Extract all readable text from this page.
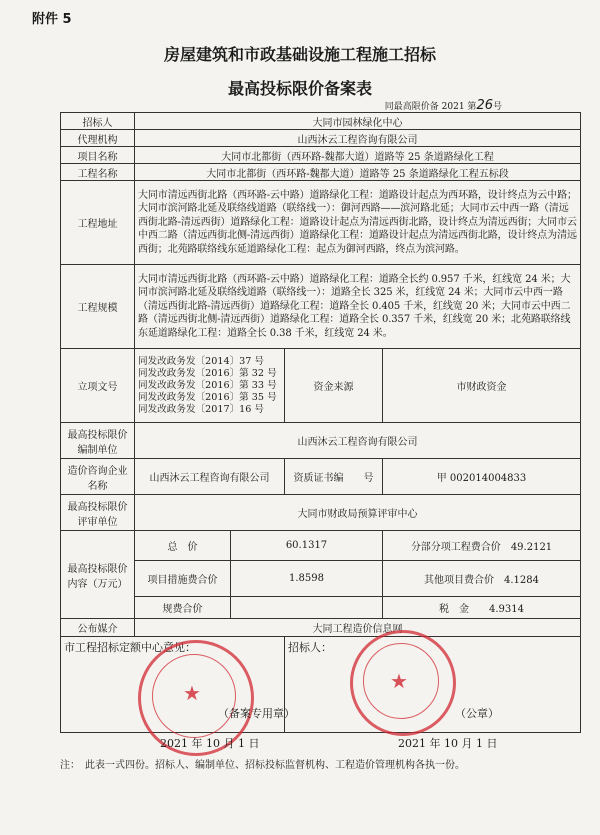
附件 5
房屋建筑和市政基础设施工程施工招标
最高投标限价备案表
同最高限价备 2021 第26号
招标人	大同市园林绿化中心			
代理机构	山西沐云工程咨询有限公司			
项目名称	大同市北都街（西环路-魏都大道）道路等 25 条道路绿化工程			
工程名称	大同市北都街（西环路-魏都大道）道路等 25 条道路绿化工程五标段			
工程地址	大同市清远西街北路（西环路-云中路）道路绿化工程：道路设计起点为西环路，设计终点为云中路；大同市滨河路北延及联络线道路（联络线一）：御河西路——滨河路北延；大同市云中西一路（清远西街北路-清远西街）道路绿化工程：道路设计起点为清远西街北路，设计终点为清远西街；大同市云中西二路（清远西街北侧-清远西街）道路绿化工程：道路设计起点为清远西街北路，设计终点为清远西街；北苑路联络线东延道路绿化工程：起点为御河西路，终点为滨河路。			
工程规模	大同市清远西街北路（西环路-云中路）道路绿化工程：道路全长约 0.957 千米，红线宽 24 米；大同市滨河路北延及联络线道路（联络线一）：道路全长 325 米，红线宽 24 米；大同市云中西一路（清远西街北路-清远西街）道路绿化工程：道路全长 0.405 千米，红线宽 20 米；大同市云中西二路（清远西街北侧-清远西街）道路绿化工程：道路全长 0.357 千米，红线宽 20 米；北苑路联络线东延道路绿化工程：道路全长 0.38 千米，红线宽 24 米。			
立项文号	同发改政务发〔2014〕37 号
同发改政务发〔2016〕第 32 号
同发改政务发〔2016〕第 33 号
同发改政务发〔2016〕第 35 号
同发改政务发〔2017〕16 号		资金来源	市财政资金
最高投标限价编制单位	山西沐云工程咨询有限公司			
造价咨询企业名称	山西沐云工程咨询有限公司		资质证书编　　号	甲 002014004833
最高投标限价评审单位	大同市财政局预算评审中心			
最高投标限价内容（万元）	总　价	60.1317		分部分项工程费合价　 49.2121
	项目措施费合价	1.8598		其他项目费合价　 4.1284
	规费合价			税　金　　 4.9314
公布媒介	大同工程造价信息网			

市工程招标定额中心意见：			招标人：	
★	★
（备案专用章）
2021 年 10 月 1 日
（公章）
2021 年 10 月 1 日
注：　此表一式四份。招标人、编制单位、招标投标监督机构、工程造价管理机构各执一份。
